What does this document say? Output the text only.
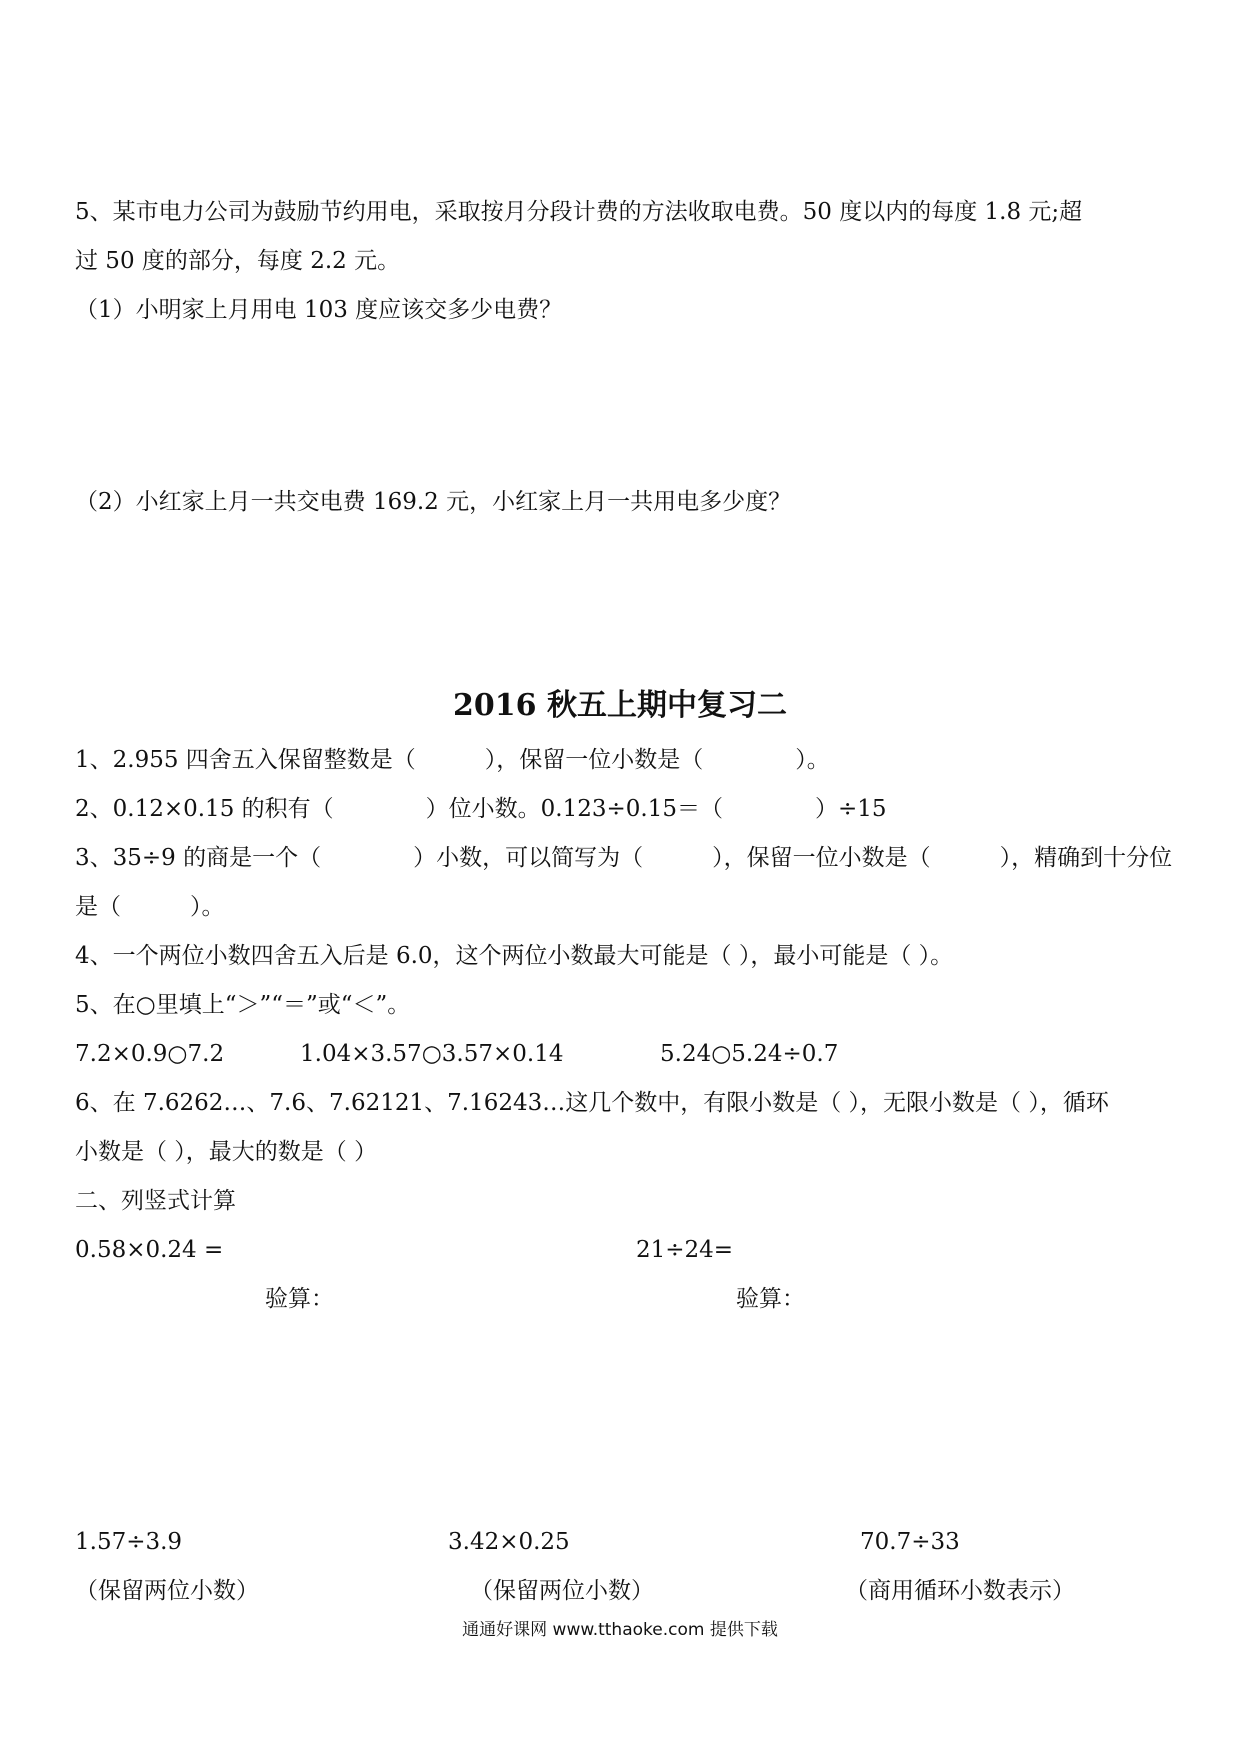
5、某市电力公司为鼓励节约用电，采取按月分段计费的方法收取电费。50 度以内的每度 1.8 元;超
过 50 度的部分，每度 2.2 元。
（1）小明家上月用电 103 度应该交多少电费？
（2）小红家上月一共交电费 169.2 元，小红家上月一共用电多少度？
2016 秋五上期中复习二
1、2.955 四舍五入保留整数是（　　　），保留一位小数是（　　　　）。
2、0.12×0.15 的积有（　　　　）位小数。0.123÷0.15＝（　　　　）÷15
3、35÷9 的商是一个（　　　　）小数，可以简写为（　　　），保留一位小数是（　　　），精确到十分位
是（　　　）。
4、一个两位小数四舍五入后是 6.0，这个两位小数最大可能是（ ），最小可能是（ ）。
5、在○里填上“＞”“＝”或“＜”。
7.2×0.9○7.2	1.04×3.57○3.57×0.14	5.24○5.24÷0.7
6、在 7.6262…、7.6、7.62121、7.16243…这几个数中，有限小数是（ ），无限小数是（ ），循环
小数是（ ），最大的数是（ ）
二、列竖式计算
0.58×0.24 =	21÷24=
验算：	验算：
1.57÷3.9	3.42×0.25	70.7÷33
（保留两位小数）	（保留两位小数）	（商用循环小数表示）
通通好课网 www.tthaoke.com 提供下载
